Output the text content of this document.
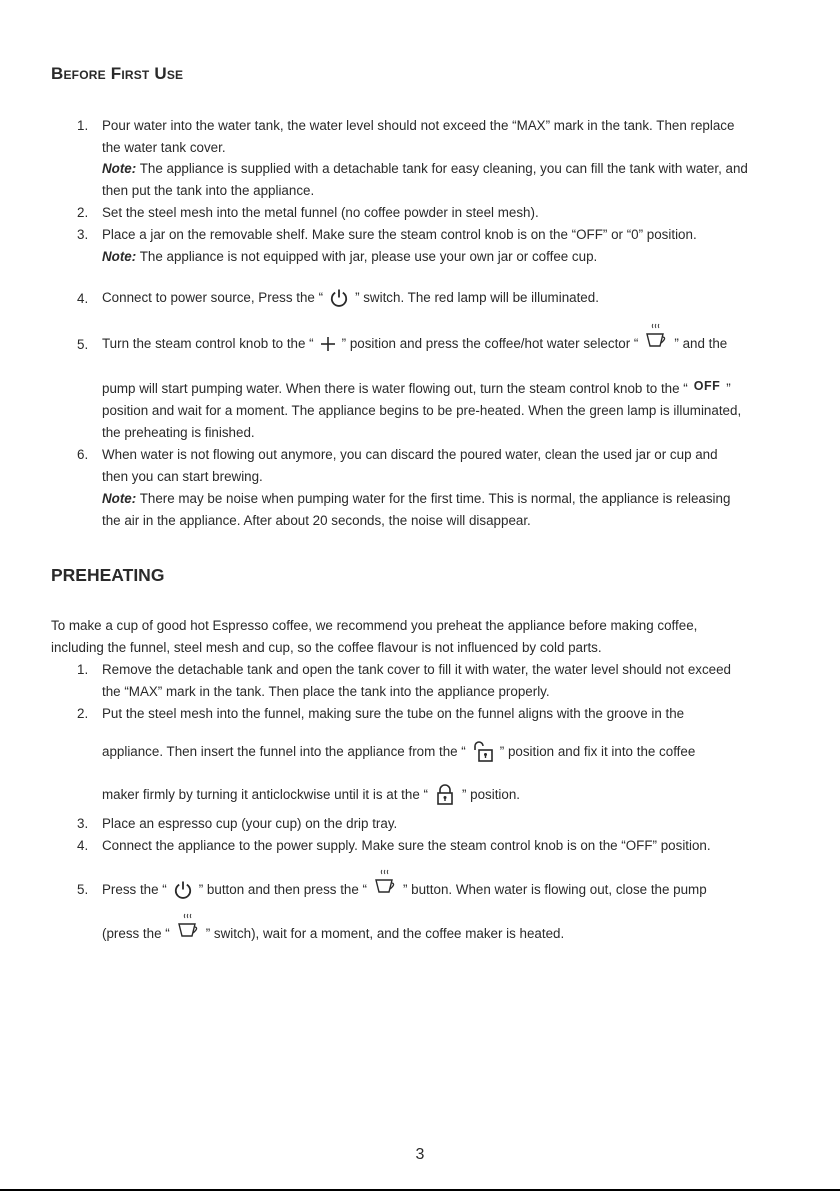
Before First Use
1. Pour water into the water tank, the water level should not exceed the “MAX” mark in the tank. Then replace
the water tank cover.
Note: The appliance is supplied with a detachable tank for easy cleaning, you can fill the tank with water, and
then put the tank into the appliance.
2. Set the steel mesh into the metal funnel (no coffee powder in steel mesh).
3. Place a jar on the removable shelf. Make sure the steam control knob is on the “OFF” or “0” position.
Note: The appliance is not equipped with jar, please use your own jar or coffee cup.
4. Connect to power source, Press the “ ” switch. The red lamp will be illuminated.
5. Turn the steam control knob to the “ ” position and press the coffee/hot water selector “	” and the
pump will start pumping water. When there is water flowing out, turn the steam control knob to the “ OFF ”
position and wait for a moment. The appliance begins to be pre-heated. When the green lamp is illuminated,
the preheating is finished.
6. When water is not flowing out anymore, you can discard the poured water, clean the used jar or cup and
then you can start brewing.
Note: There may be noise when pumping water for the first time. This is normal, the appliance is releasing
the air in the appliance. After about 20 seconds, the noise will disappear.
PREHEATING
To make a cup of good hot Espresso coffee, we recommend you preheat the appliance before making coffee,
including the funnel, steel mesh and cup, so the coffee flavour is not influenced by cold parts.
1. Remove the detachable tank and open the tank cover to fill it with water, the water level should not exceed
the “MAX” mark in the tank. Then place the tank into the appliance properly.
2. Put the steel mesh into the funnel, making sure the tube on the funnel aligns with the groove in the
appliance. Then insert the funnel into the appliance from the “	” position and fix it into the coffee
maker firmly by turning it anticlockwise until it is at the “	” position.
3. Place an espresso cup (your cup) on the drip tray.
4. Connect the appliance to the power supply. Make sure the steam control knob is on the “OFF” position.
5. Press the “ ” button and then press the “	” button. When water is flowing out, close the pump
(press the “	” switch), wait for a moment, and the coffee maker is heated.
3
